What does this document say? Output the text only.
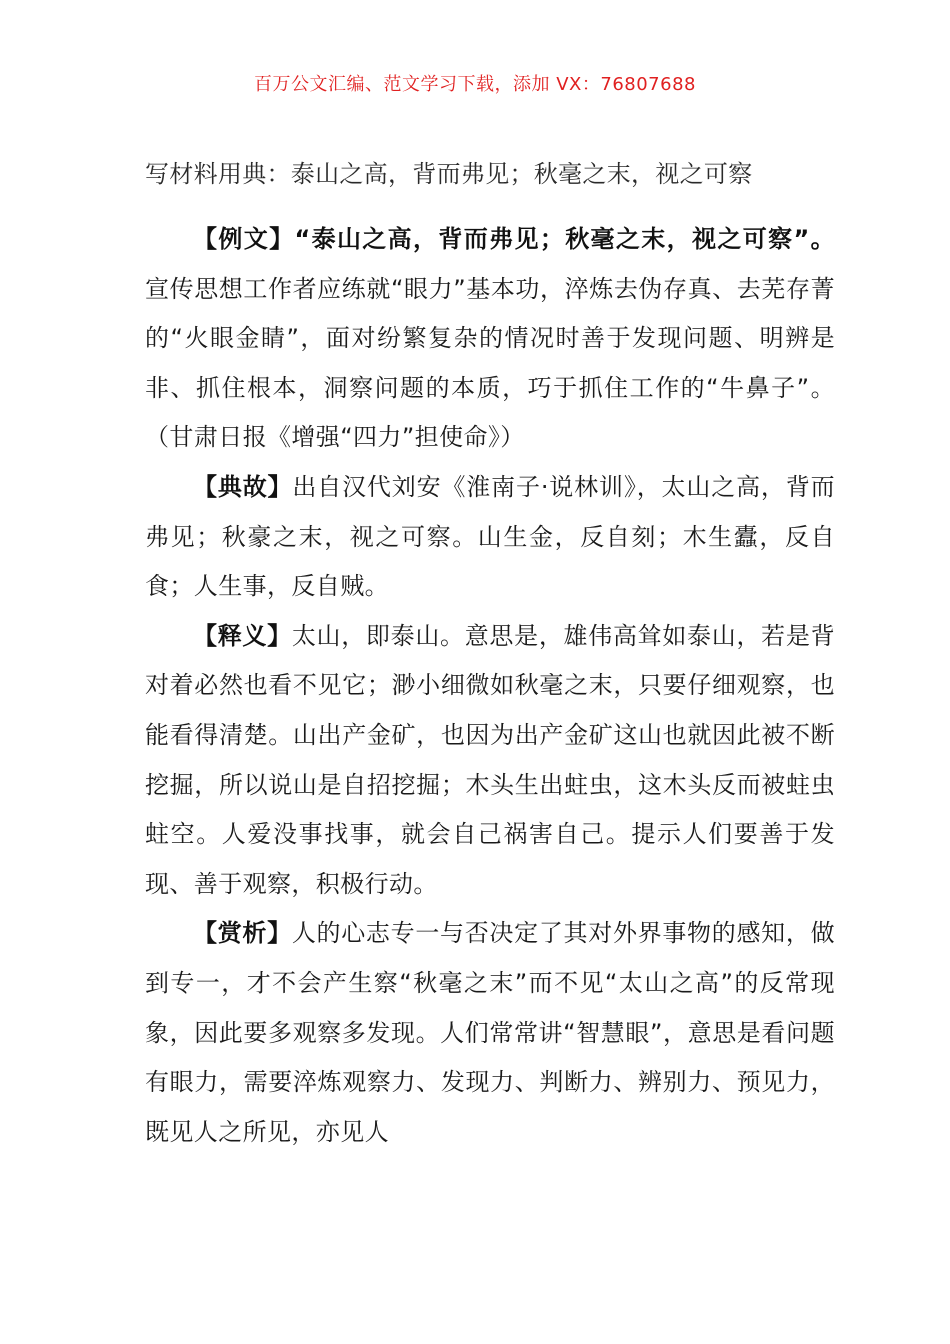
百万公文汇编、范文学习下载，添加 VX：76807688
写材料用典：泰山之高，背而弗见；秋毫之末，视之可察

【例文】“泰山之高，背而弗见；秋毫之末，视之可察”。宣传思想工作者应练就“眼力”基本功，淬炼去伪存真、去芜存菁的“火眼金睛”，面对纷繁复杂的情况时善于发现问题、明辨是非、抓住根本，洞察问题的本质，巧于抓住工作的“牛鼻子”。（甘肃日报《增强“四力”担使命》）

【典故】出自汉代刘安《淮南子·说林训》，太山之高，背而弗见；秋豪之末，视之可察。山生金，反自刻；木生蠹，反自食；人生事，反自贼。

【释义】太山，即泰山。意思是，雄伟高耸如泰山，若是背对着必然也看不见它；渺小细微如秋毫之末，只要仔细观察，也能看得清楚。山出产金矿，也因为出产金矿这山也就因此被不断挖掘，所以说山是自招挖掘；木头生出蛀虫，这木头反而被蛀虫蛀空。人爱没事找事，就会自己祸害自己。提示人们要善于发现、善于观察，积极行动。

【赏析】人的心志专一与否决定了其对外界事物的感知，做到专一，才不会产生察“秋毫之末”而不见“太山之高”的反常现象，因此要多观察多发现。人们常常讲“智慧眼”，意思是看问题有眼力，需要淬炼观察力、发现力、判断力、辨别力、预见力，既见人之所见，亦见人
